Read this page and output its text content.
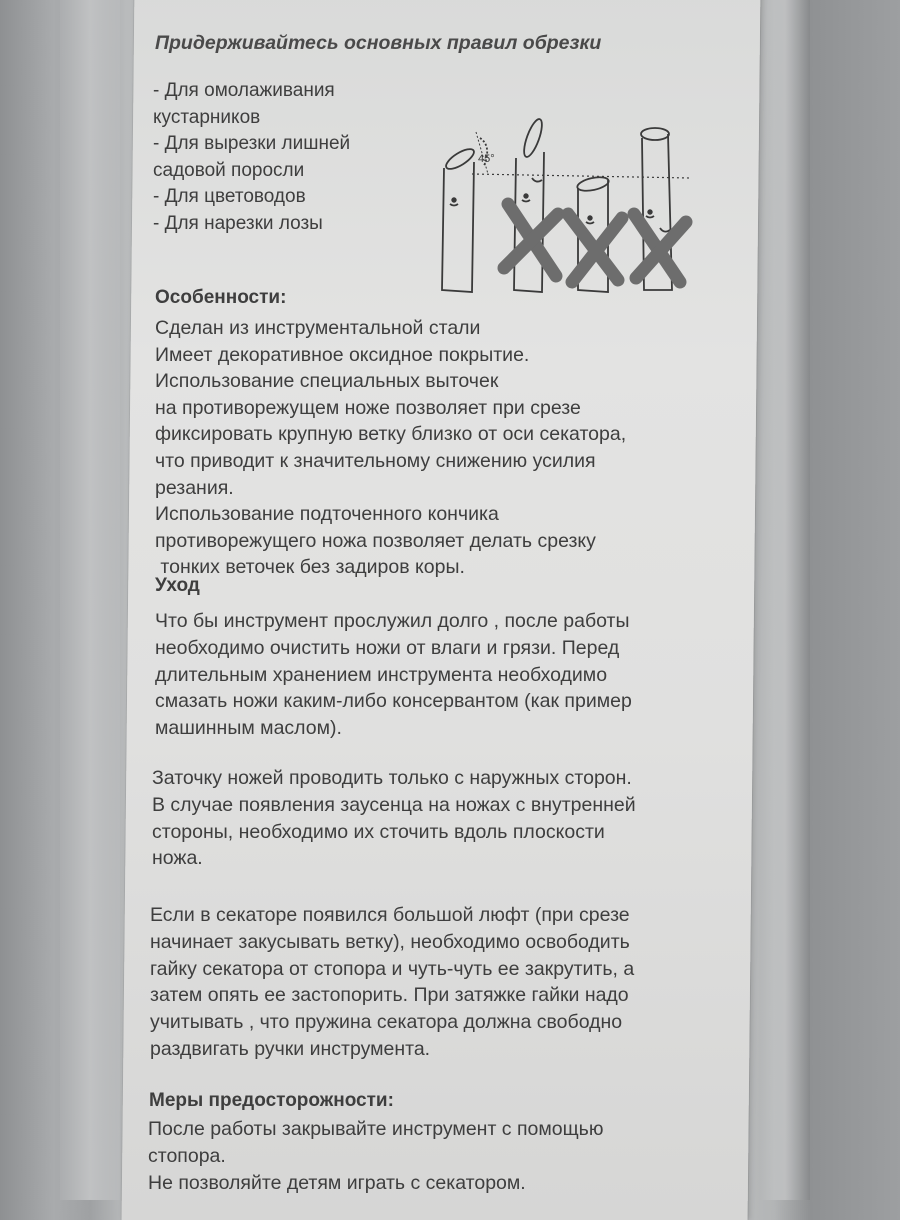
Придерживайтесь основных правил обрезки
- Для омолаживания
кустарников
- Для вырезки лишней
садовой поросли
- Для цветоводов
- Для нарезки лозы
45°
Особенности:
Сделан из инструментальной стали
Имеет декоративное оксидное покрытие.
Использование специальных выточек
на противорежущем ноже позволяет при срезе
фиксировать крупную ветку близко от оси секатора,
что приводит к значительному снижению усилия
резания.
Использование подточенного кончика
противорежущего ножа позволяет делать срезку
тонких веточек без задиров коры.
Уход
Что бы инструмент прослужил долго , после работы
необходимо очистить ножи от влаги и грязи. Перед
длительным хранением инструмента необходимо
смазать ножи каким-либо консервантом (как пример
машинным маслом).
Заточку ножей проводить только с наружных сторон.
В случае появления заусенца на ножах с внутренней
стороны, необходимо их сточить вдоль плоскости
ножа.
Если в секаторе появился большой люфт (при срезе
начинает закусывать ветку), необходимо освободить
гайку секатора от стопора и чуть-чуть ее закрутить, а
затем опять ее застопорить. При затяжке гайки надо
учитывать , что пружина секатора должна свободно
раздвигать ручки инструмента.
Меры предосторожности:
После работы закрывайте инструмент с помощью
стопора.
Не позволяйте детям играть с секатором.
